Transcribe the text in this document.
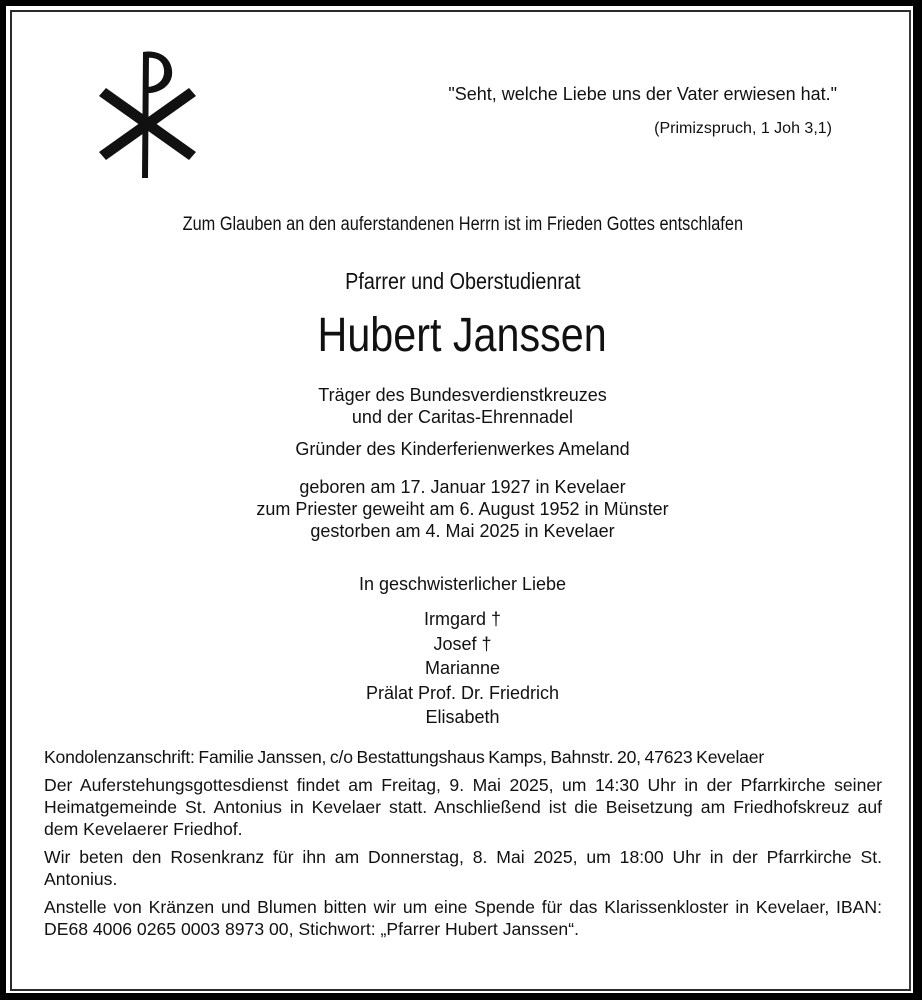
"Seht, welche Liebe uns der Vater erwiesen hat."
(Primizspruch, 1 Joh 3,1)
Zum Glauben an den auferstandenen Herrn ist im Frieden Gottes entschlafen
Pfarrer und Oberstudienrat
Hubert Janssen
Träger des Bundesverdienstkreuzes
und der Caritas-Ehrennadel
Gründer des Kinderferienwerkes Ameland
geboren am 17. Januar 1927 in Kevelaer
zum Priester geweiht am 6. August 1952 in Münster
gestorben am 4. Mai 2025 in Kevelaer
In geschwisterlicher Liebe
Irmgard †
Josef †
Marianne
Prälat Prof. Dr. Friedrich
Elisabeth

Kondolenzanschrift: Familie Janssen, c/o Bestattungshaus Kamps, Bahnstr. 20, 47623 Kevelaer

Der Auferstehungsgottesdienst findet am Freitag, 9. Mai 2025, um 14:30 Uhr in der Pfarrkirche seiner Heimatgemeinde St. Antonius in Kevelaer statt. Anschließend ist die Beisetzung am Friedhofskreuz auf dem Kevelaerer Friedhof.

Wir beten den Rosenkranz für ihn am Donnerstag, 8. Mai 2025, um 18:00 Uhr in der Pfarrkirche St. Antonius.

Anstelle von Kränzen und Blumen bitten wir um eine Spende für das Klarissenkloster in Kevelaer, IBAN: DE68 4006 0265 0003 8973 00, Stichwort: „Pfarrer Hubert Janssen“.
